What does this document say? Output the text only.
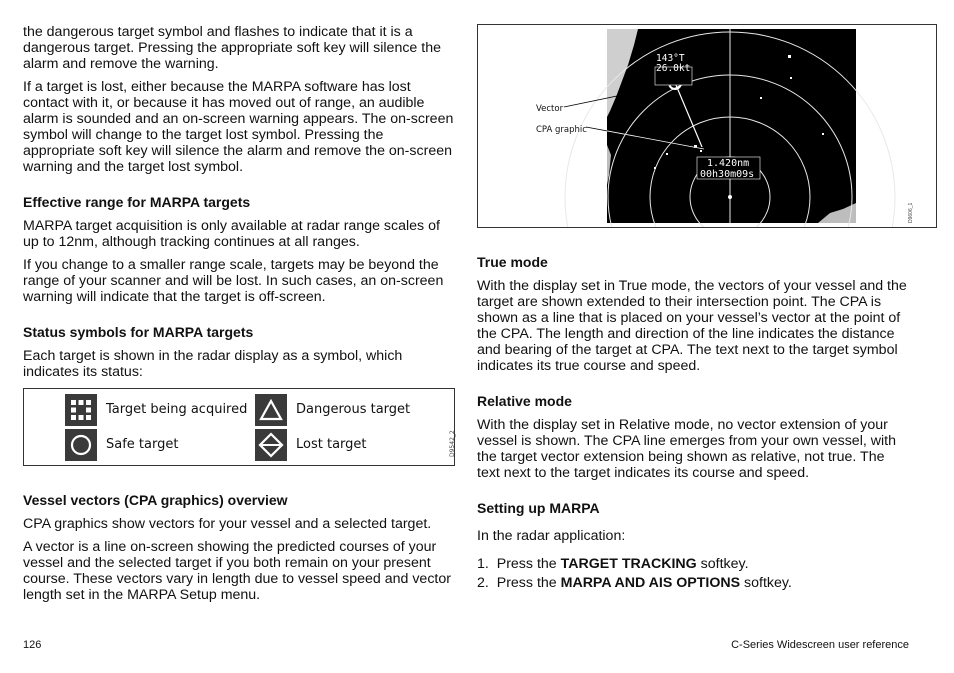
the dangerous target symbol and flashes to indicate that it is a dangerous target. Pressing the appropriate soft key will silence the alarm and remove the warning.

If a target is lost, either because the MARPA software has lost contact with it, or because it has moved out of range, an audible alarm is sounded and an on-screen warning appears. The on-screen symbol will change to the target lost symbol. Pressing the appropriate soft key will silence the alarm and remove the on-screen warning and the target lost symbol.

Effective range for MARPA targets

MARPA target acquisition is only available at radar range scales of up to 12nm, although tracking continues at all ranges.

If you change to a smaller range scale, targets may be beyond the range of your scanner and will be lost. In such cases, an on-screen warning will indicate that the target is off-screen.

Status symbols for MARPA targets

Each target is shown in the radar display as a symbol, which indicates its status:

Target being acquired	Dangerous target
Safe target	Lost target	D9542_2
Vessel vectors (CPA graphics) overview

CPA graphics show vectors for your vessel and a selected target.

A vector is a line on-screen showing the predicted courses of your vessel and the selected target if you both remain on your present course. These vectors vary in length due to vessel speed and vector length set in the MARPA Setup menu.

143°T
26.0kt
1.420nm
00h30m09s
Vector
CPA graphic
D9606_1
True mode

With the display set in True mode, the vectors of your vessel and the target are shown extended to their intersection point. The CPA is shown as a line that is placed on your vessel’s vector at the point of the CPA. The length and direction of the line indicates the distance and bearing of the target at CPA. The text next to the target symbol indicates its true course and speed.

Relative mode

With the display set in Relative mode, no vector extension of your vessel is shown. The CPA line emerges from your own vessel, with the target vector extension being shown as relative, not true. The text next to the target indicates its course and speed.

Setting up MARPA

In the radar application:

1. Press the TARGET TRACKING softkey.
2. Press the MARPA AND AIS OPTIONS softkey.
126	C-Series Widescreen user reference
